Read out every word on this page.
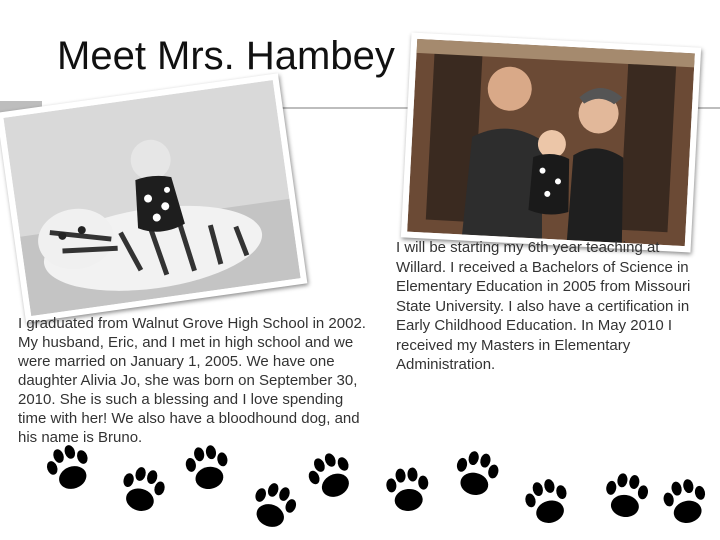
Meet Mrs. Hambey
I graduated from Walnut Grove High School in 2002. My husband, Eric, and I met in high school and we were married on January 1, 2005. We have one daughter Alivia Jo, she was born on September 30, 2010. She is such a blessing and I love spending time with her! We also have a bloodhound dog, and his name is Bruno.
I will be starting my 6th year teaching at Willard. I received a Bachelors of Science in Elementary Education in 2005 from Missouri State University. I also have a certification in Early Childhood Education. In May 2010 I received my Masters in Elementary Administration.
